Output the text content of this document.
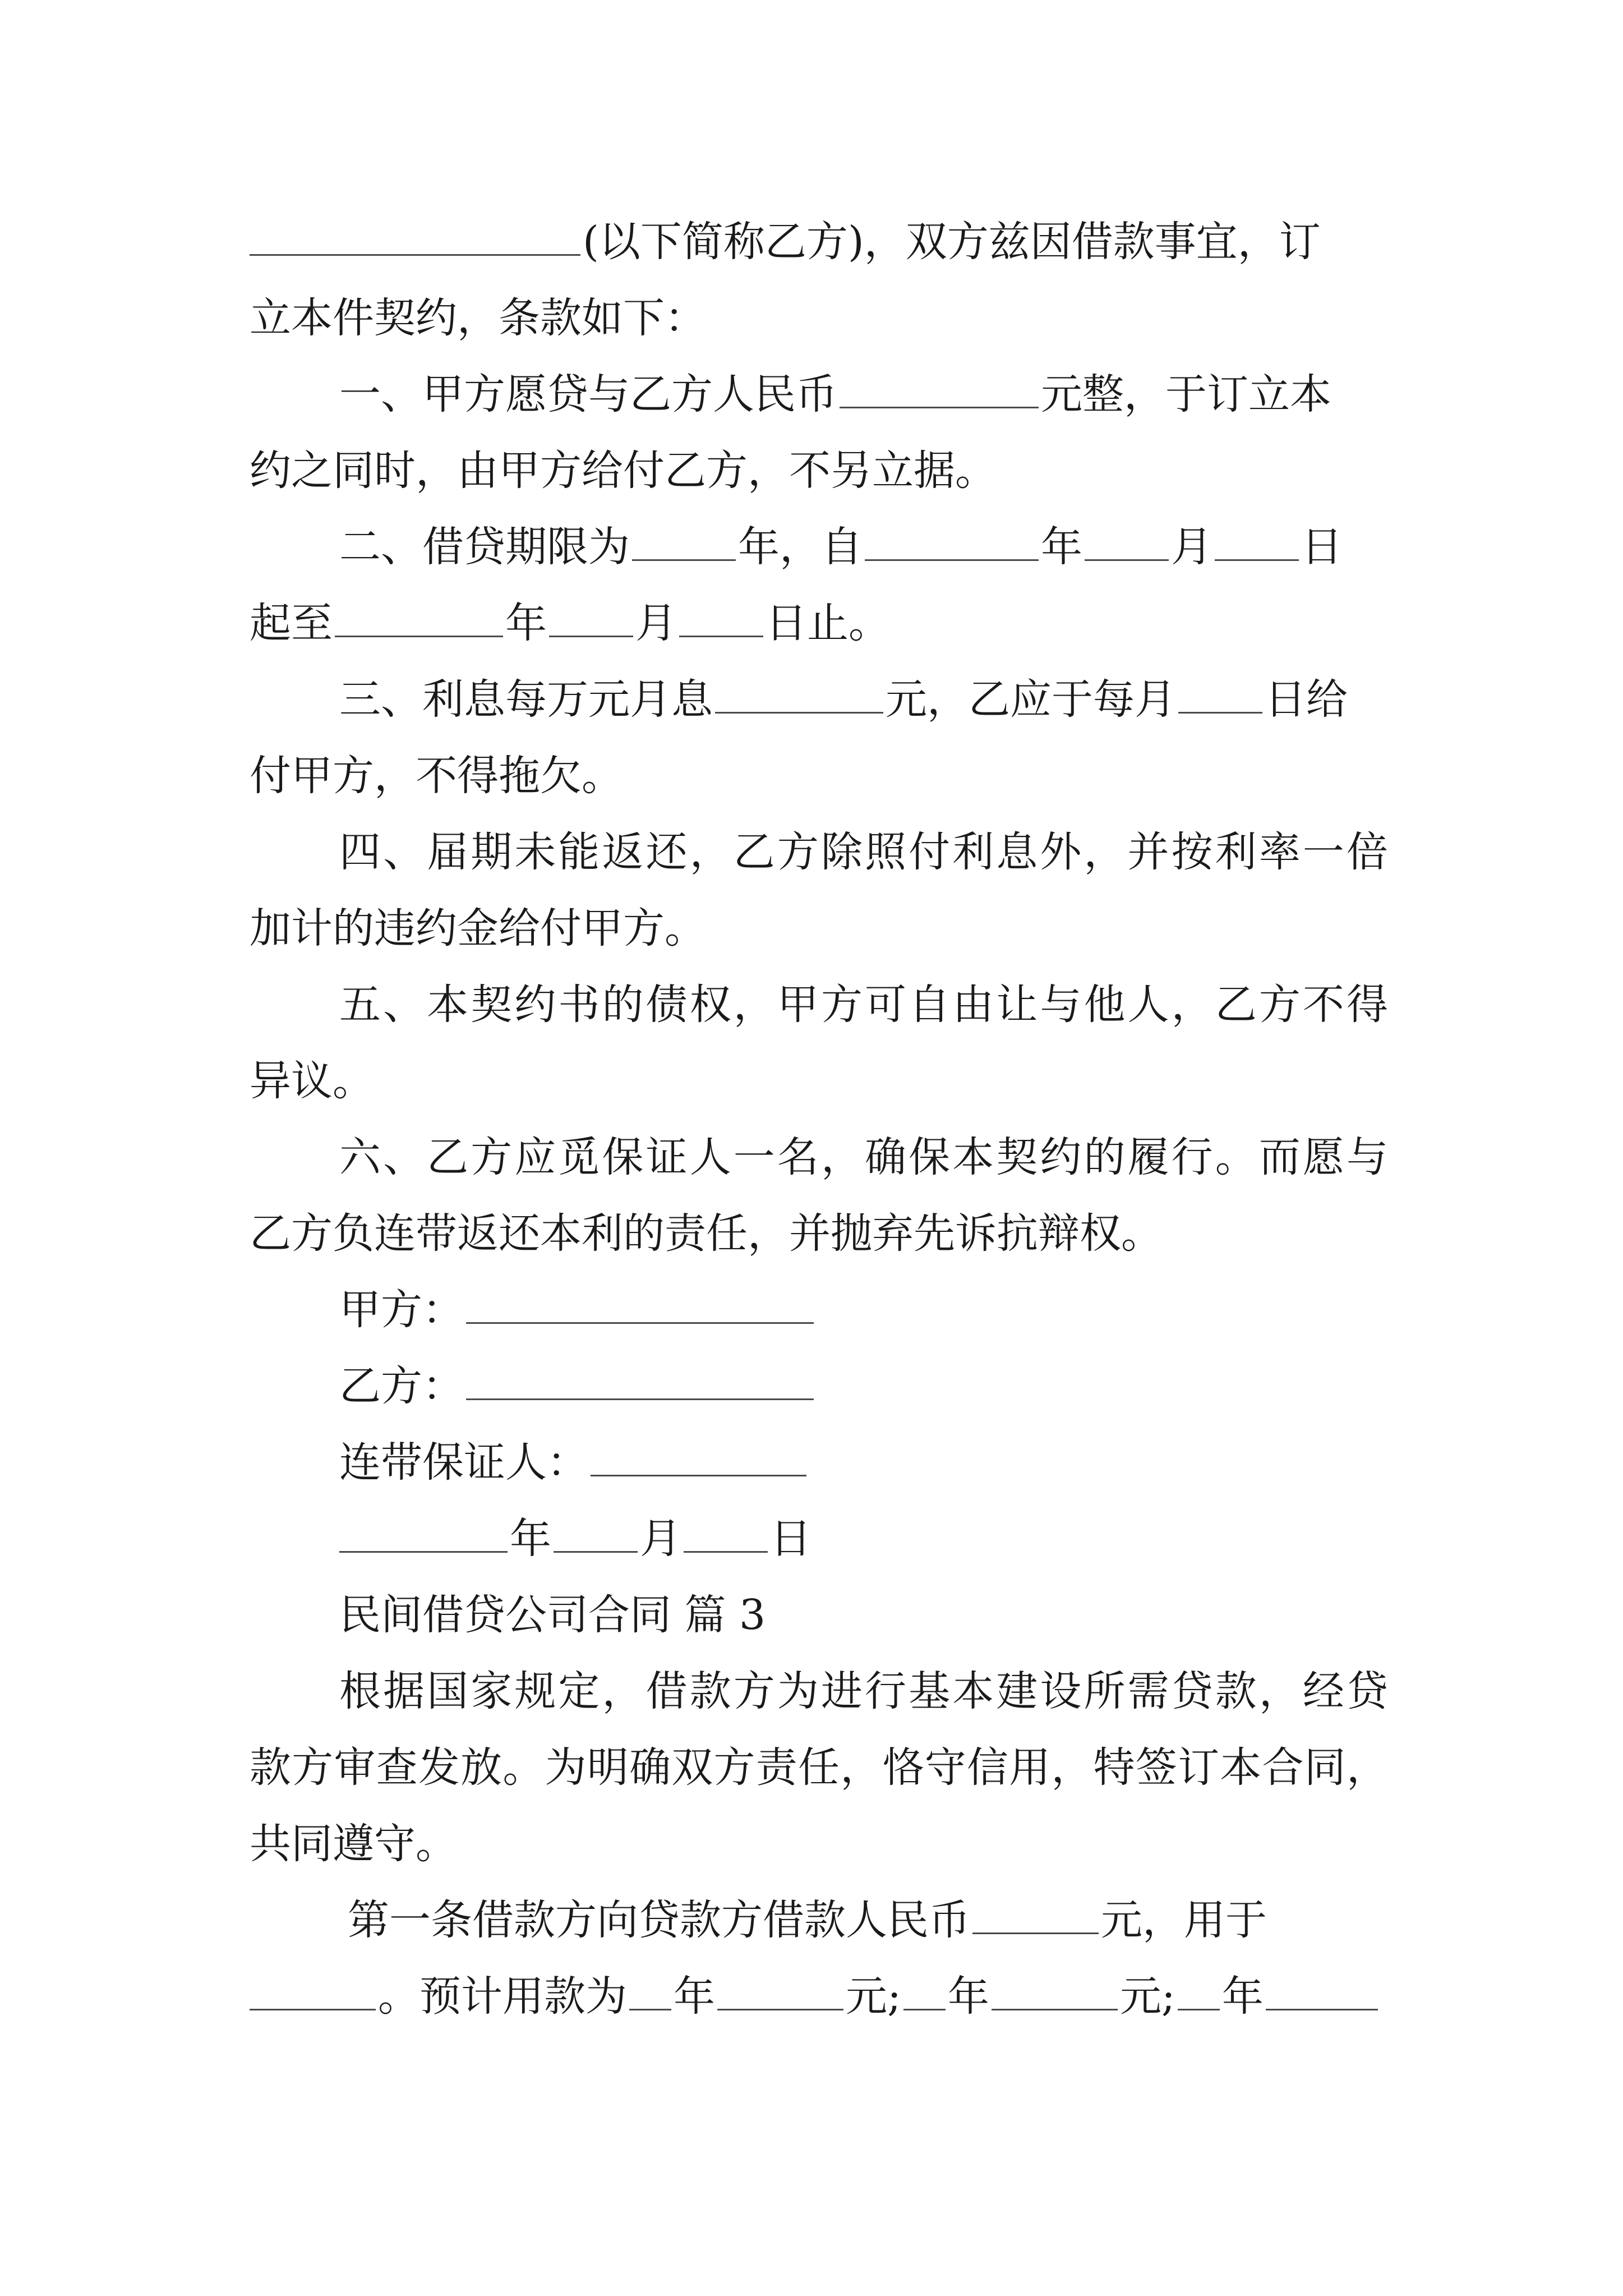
(以下简称乙方)，双方兹因借款事宜，订
立本件契约，条款如下：
一、甲方愿贷与乙方人民币	元整，于订立本
约之同时，由甲方给付乙方，不另立据。
二、借贷期限为	年，自	年 月 日
起至	年 月 日止。
三、利息每万元月息	元，乙应于每月 日给
付甲方，不得拖欠。
四、届期未能返还，乙方除照付利息外，并按利率一倍
加计的违约金给付甲方。
五、本契约书的债权，甲方可自由让与他人，乙方不得
异议。
六、乙方应觅保证人一名，确保本契约的履行。而愿与
乙方负连带返还本利的责任，并抛弃先诉抗辩权。
甲方：
乙方：
连带保证人：
年 月 日
民间借贷公司合同 篇 3
根据国家规定，借款方为进行基本建设所需贷款，经贷
款方审查发放。为明确双方责任，恪守信用，特签订本合同，
共同遵守。
第一条借款方向贷款方借款人民币	元，用于
。预计用款为 年	元; 年	元; 年
